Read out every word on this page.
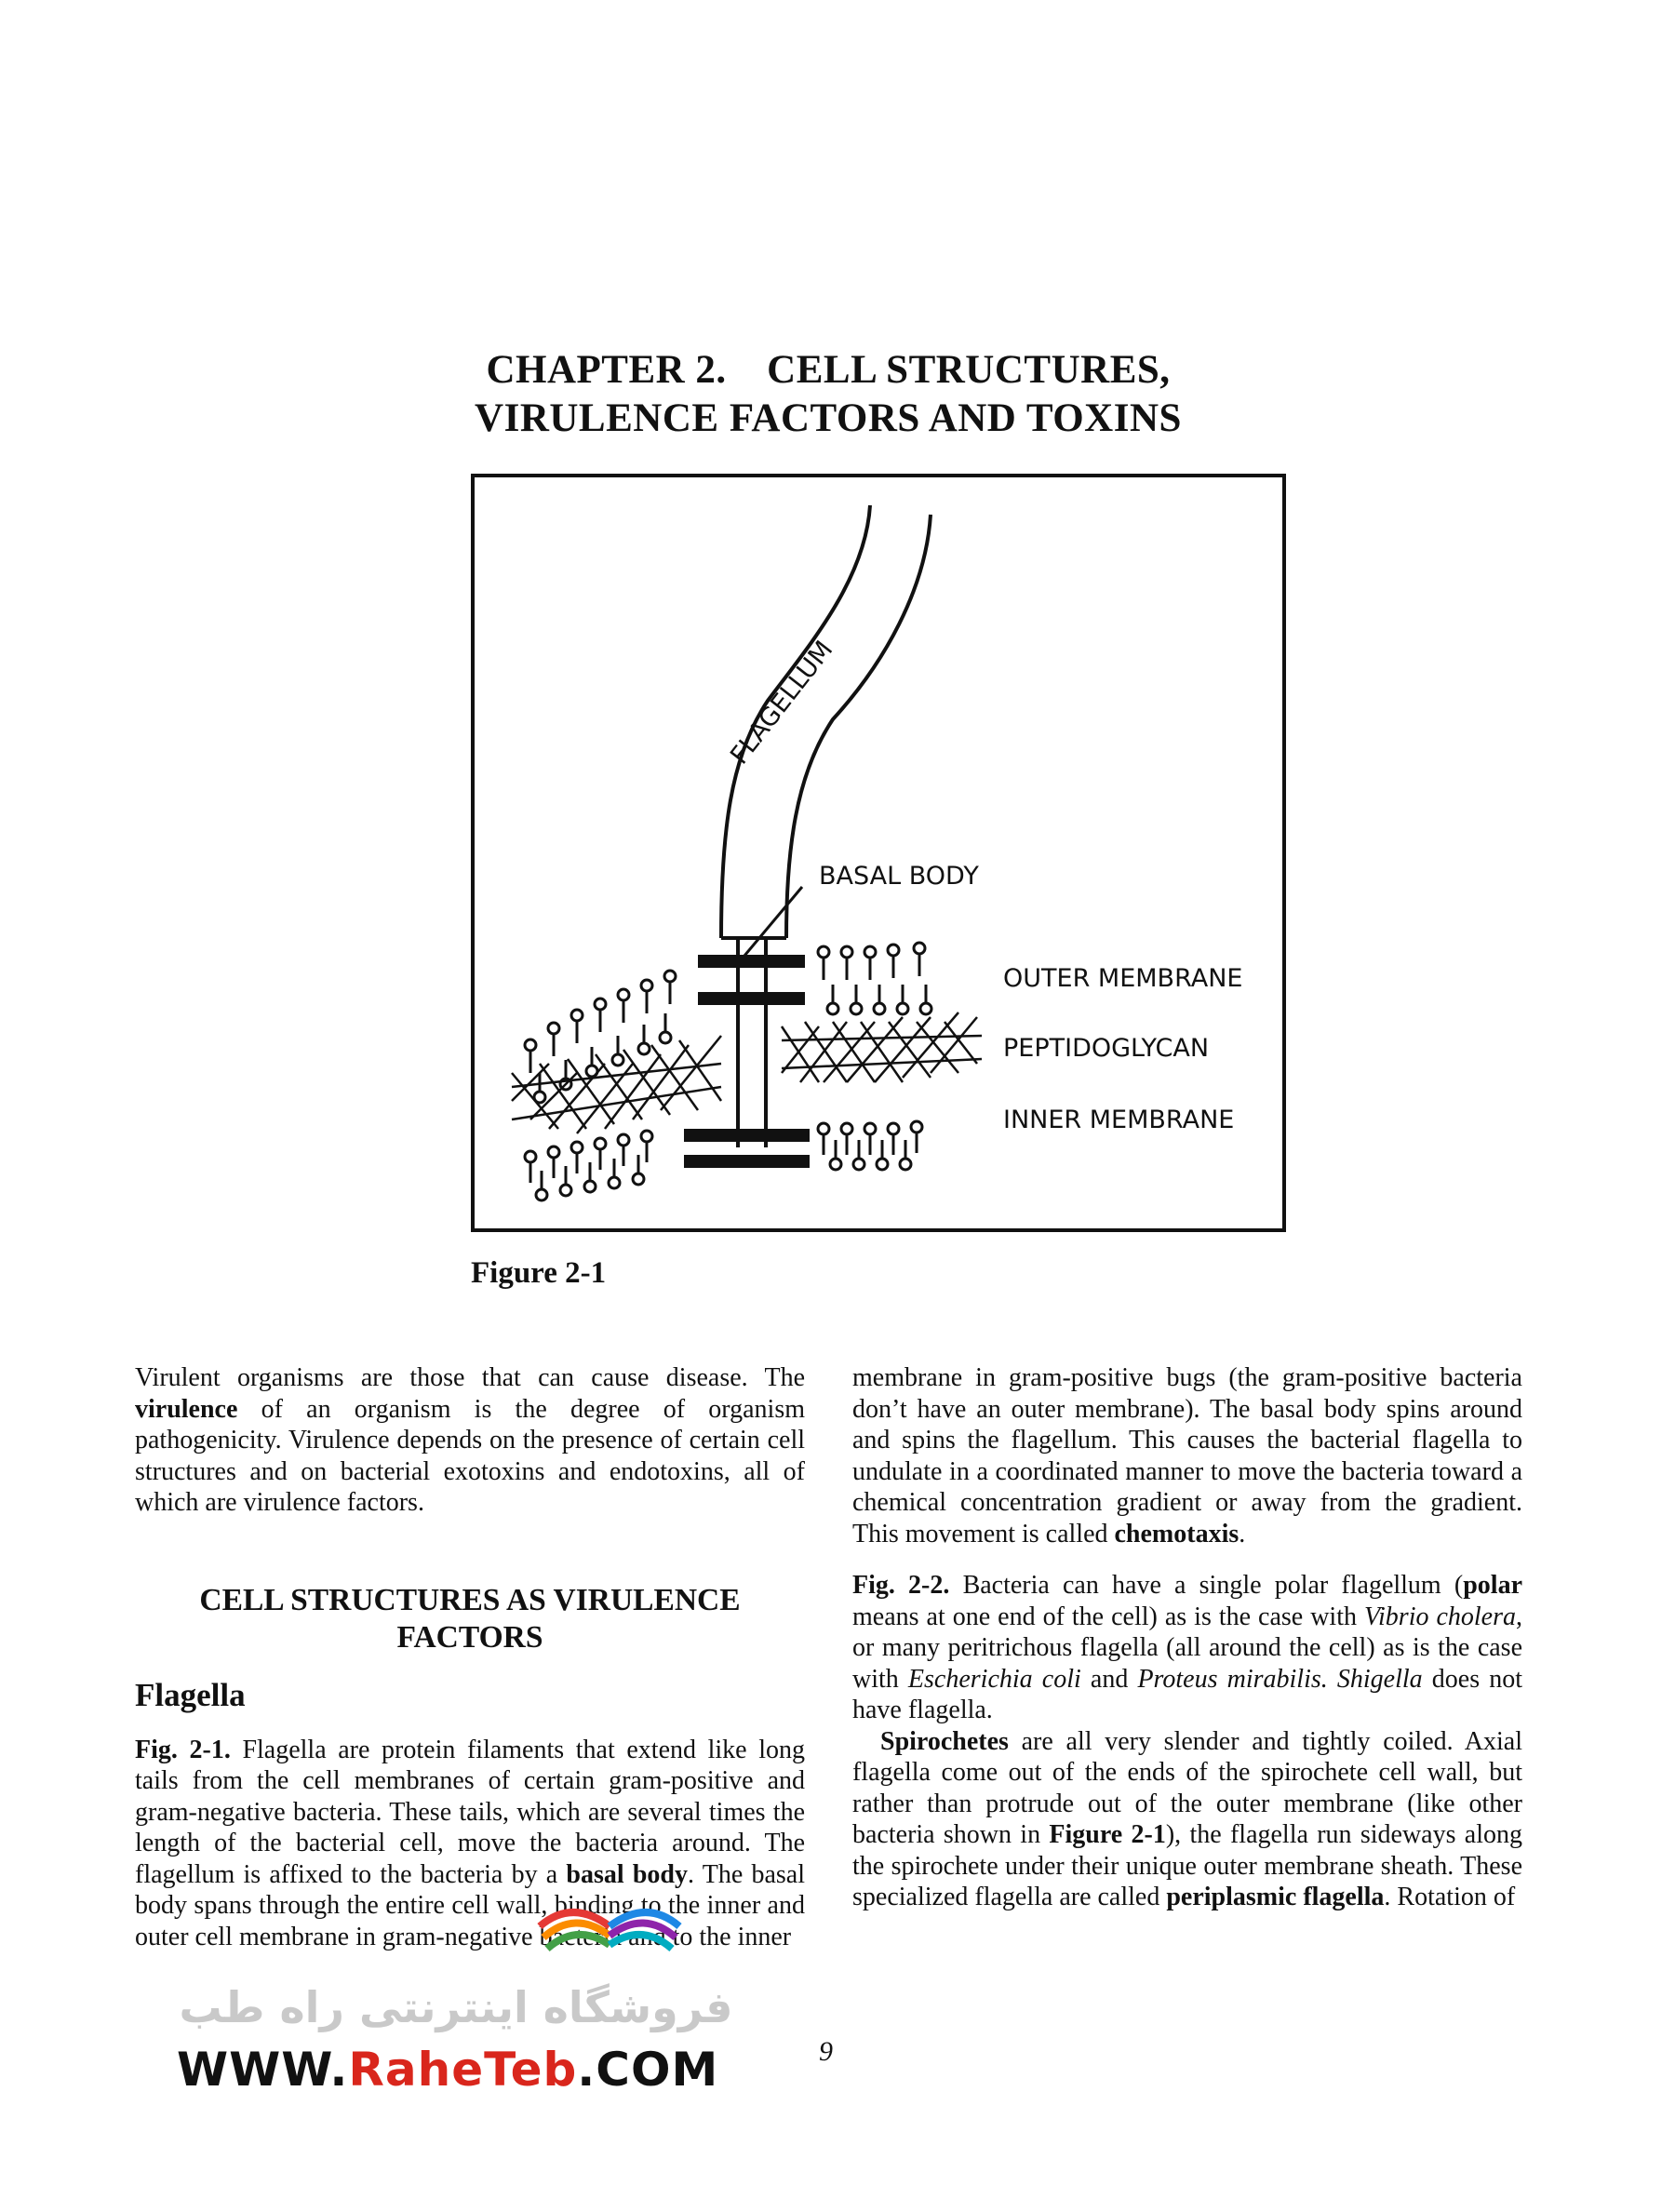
CHAPTER 2. CELL STRUCTURES,
VIRULENCE FACTORS AND TOXINS
FLAGELLUM
BASAL BODY
OUTER MEMBRANE
PEPTIDOGLYCAN
INNER MEMBRANE
Figure 2-1

Virulent organisms are those that can cause disease. The virulence of an organism is the degree of organism pathogenicity. Virulence depends on the presence of certain cell structures and on bacterial exotoxins and endotoxins, all of which are virulence factors.

CELL STRUCTURES AS VIRULENCE FACTORS
Flagella

Fig. 2-1. Flagella are protein filaments that extend like long tails from the cell membranes of certain gram-positive and gram-negative bacteria. These tails, which are several times the length of the bacterial cell, move the bacteria around. The flagellum is affixed to the bacteria by a basal body. The basal body spans through the entire cell wall, binding to the inner and outer cell membrane in gram-negative bacteria and to the inner

membrane in gram-positive bugs (the gram-positive bacteria don’t have an outer membrane). The basal body spins around and spins the flagellum. This causes the bacterial flagella to undulate in a coordinated manner to move the bacteria toward a chemical concentration gradient or away from the gradient. This movement is called chemotaxis.

Fig. 2-2. Bacteria can have a single polar flagellum (polar means at one end of the cell) as is the case with Vibrio cholera, or many peritrichous flagella (all around the cell) as is the case with Escherichia coli and Proteus mirabilis. Shigella does not have flagella.

Spirochetes are all very slender and tightly coiled. Axial flagella come out of the ends of the spirochete cell wall, but rather than protrude out of the outer membrane (like other bacteria shown in Figure 2-1), the flagella run sideways along the spirochete under their unique outer membrane sheath. These specialized flagella are called periplasmic flagella. Rotation of

9
فروشگاه اینترنتی راه طب
WWW.RaheTeb.COM
